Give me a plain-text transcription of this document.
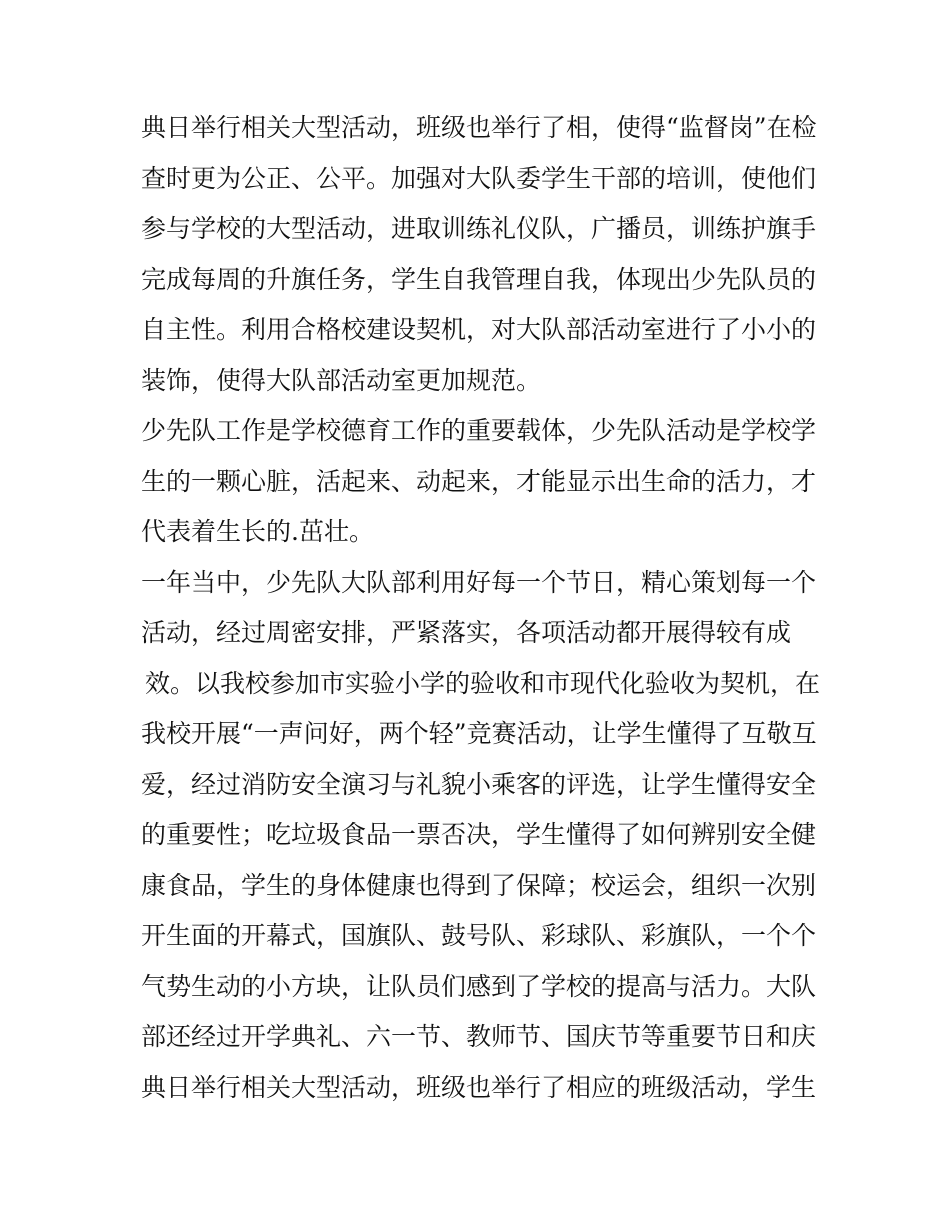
典日举行相关大型活动，班级也举行了相，使得“监督岗”在检
查时更为公正、公平。加强对大队委学生干部的培训，使他们
参与学校的大型活动，进取训练礼仪队，广播员，训练护旗手
完成每周的升旗任务，学生自我管理自我，体现出少先队员的
自主性。利用合格校建设契机，对大队部活动室进行了小小的
装饰，使得大队部活动室更加规范。
少先队工作是学校德育工作的重要载体，少先队活动是学校学
生的一颗心脏，活起来、动起来，才能显示出生命的活力，才
代表着生长的.茁壮。
一年当中，少先队大队部利用好每一个节日，精心策划每一个
活动，经过周密安排，严紧落实，各项活动都开展得较有成
效。以我校参加市实验小学的验收和市现代化验收为契机，在
我校开展“一声问好，两个轻”竞赛活动，让学生懂得了互敬互
爱，经过消防安全演习与礼貌小乘客的评选，让学生懂得安全
的重要性；吃垃圾食品一票否决，学生懂得了如何辨别安全健
康食品，学生的身体健康也得到了保障；校运会，组织一次别
开生面的开幕式，国旗队、鼓号队、彩球队、彩旗队，一个个
气势生动的小方块，让队员们感到了学校的提高与活力。大队
部还经过开学典礼、六一节、教师节、国庆节等重要节日和庆
典日举行相关大型活动，班级也举行了相应的班级活动，学生
